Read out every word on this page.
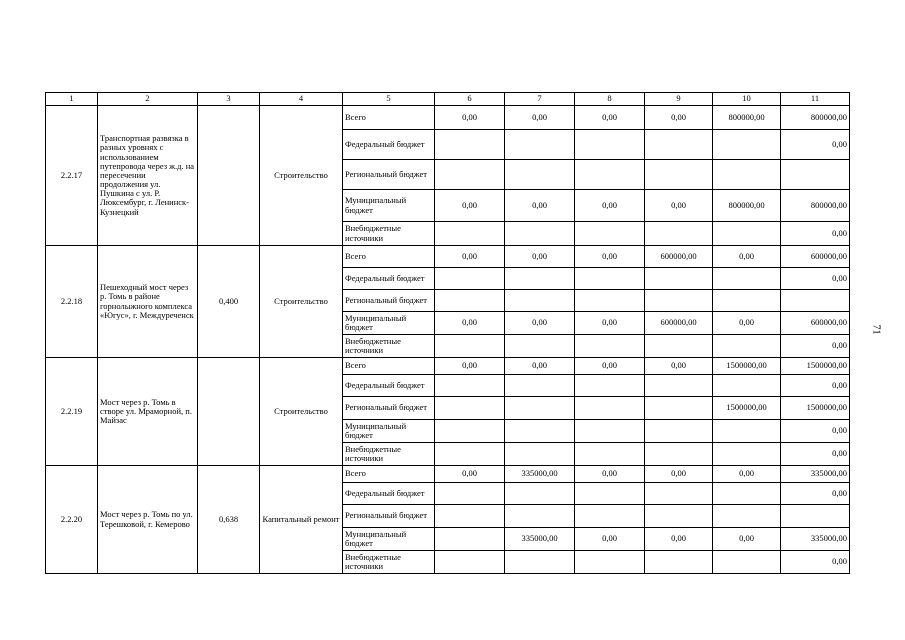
1	2	3	4	5	6	7	8	9	10	11
2.2.17	Транспортная развязка в разных уровнях с использованием путепровода через ж.д. на пересечении продолжения ул. Пушкина с ул. Р. Люксембург, г. Ленинск-Кузнецкий		Строительство	Всего	0,00	0,00	0,00	0,00	800000,00	800000,00
				Федеральный бюджет						0,00
				Региональный бюджет						
				Муниципальный бюджет	0,00	0,00	0,00	0,00	800000,00	800000,00
				Внебюджетные источники						0,00
2.2.18	Пешеходный мост через р. Томь в районе горнолыжного комплекса «Югус», г. Междуреченск	0,400	Строительство	Всего	0,00	0,00	0,00	600000,00	0,00	600000,00
				Федеральный бюджет						0,00
				Региональный бюджет						
				Муниципальный бюджет	0,00	0,00	0,00	600000,00	0,00	600000,00
				Внебюджетные источники						0,00
2.2.19	Мост через р. Томь в створе ул. Мраморной, п. Майзас		Строительство	Всего	0,00	0,00	0,00	0,00	1500000,00	1500000,00
				Федеральный бюджет						0,00
				Региональный бюджет					1500000,00	1500000,00
				Муниципальный бюджет						0,00
				Внебюджетные источники						0,00
2.2.20	Мост через р. Томь по ул. Терешковой, г. Кемерово	0,638	Капитальный ремонт	Всего	0,00	335000,00	0,00	0,00	0,00	335000,00
				Федеральный бюджет						0,00
				Региональный бюджет						
				Муниципальный бюджет		335000,00	0,00	0,00	0,00	335000,00
				Внебюджетные источники						0,00
71
